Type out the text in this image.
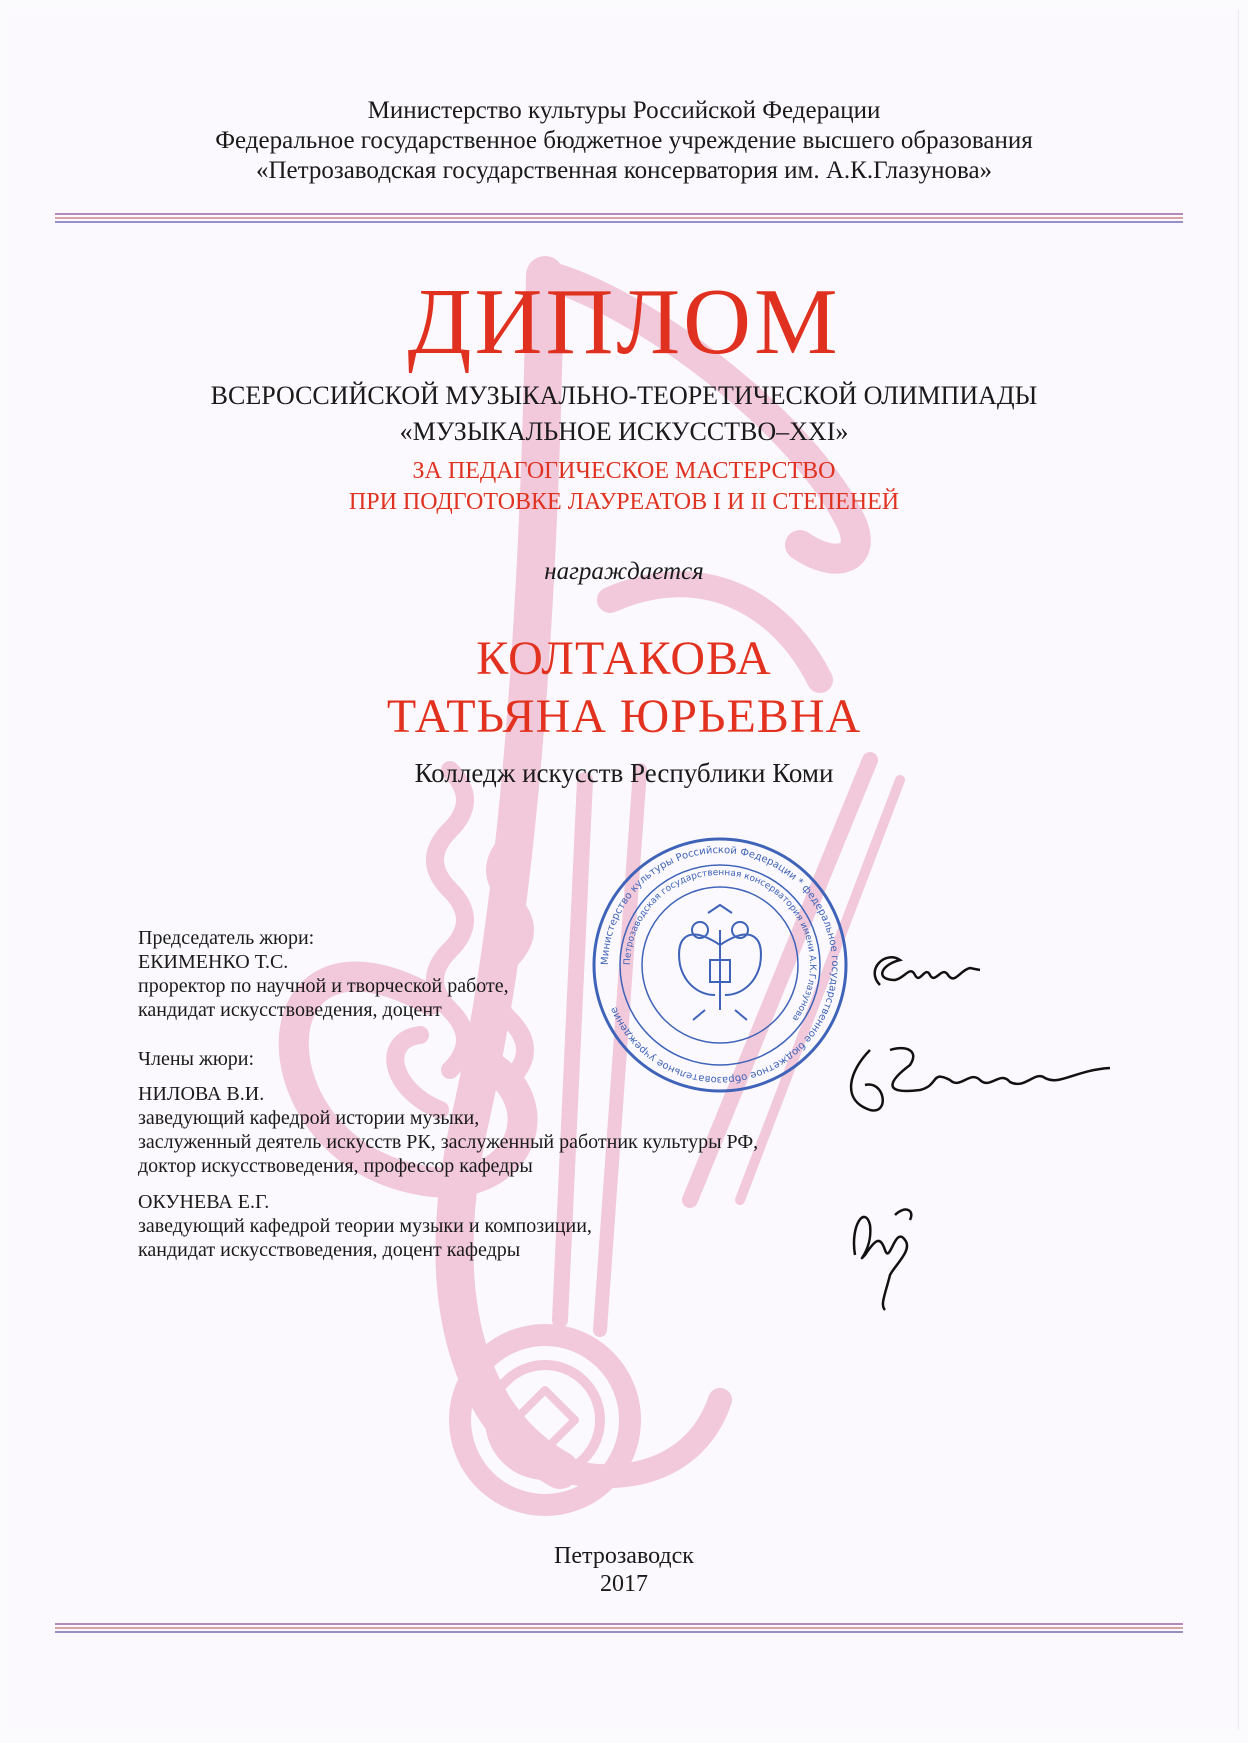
Министерство культуры Российской Федерации
Федеральное государственное бюджетное учреждение высшего образования
«Петрозаводская государственная консерватория им. А.К.Глазунова»
ДИПЛОМ
ВСЕРОССИЙСКОЙ МУЗЫКАЛЬНО-ТЕОРЕТИЧЕСКОЙ ОЛИМПИАДЫ
«МУЗЫКАЛЬНОЕ ИСКУССТВО–XXI»
ЗА ПЕДАГОГИЧЕСКОЕ МАСТЕРСТВО
ПРИ ПОДГОТОВКЕ ЛАУРЕАТОВ I И II СТЕПЕНЕЙ
награждается
КОЛТАКОВА
ТАТЬЯНА ЮРЬЕВНА
Колледж искусств Республики Коми
Председатель жюри:
ЕКИМЕНКО Т.С.
проректор по научной и творческой работе,
кандидат искусствоведения, доцент
Члены жюри:
НИЛОВА В.И.
заведующий кафедрой истории музыки,
заслуженный деятель искусств РК, заслуженный работник культуры РФ,
доктор искусствоведения, профессор кафедры
ОКУНЕВА Е.Г.
заведующий кафедрой теории музыки и композиции,
кандидат искусствоведения, доцент кафедры
Министерство культуры Российской Федерации * федеральное государственное бюджетное образовательное учреждение
Петрозаводская государственная консерватория имени А.К.Глазунова
Петрозаводск
2017
